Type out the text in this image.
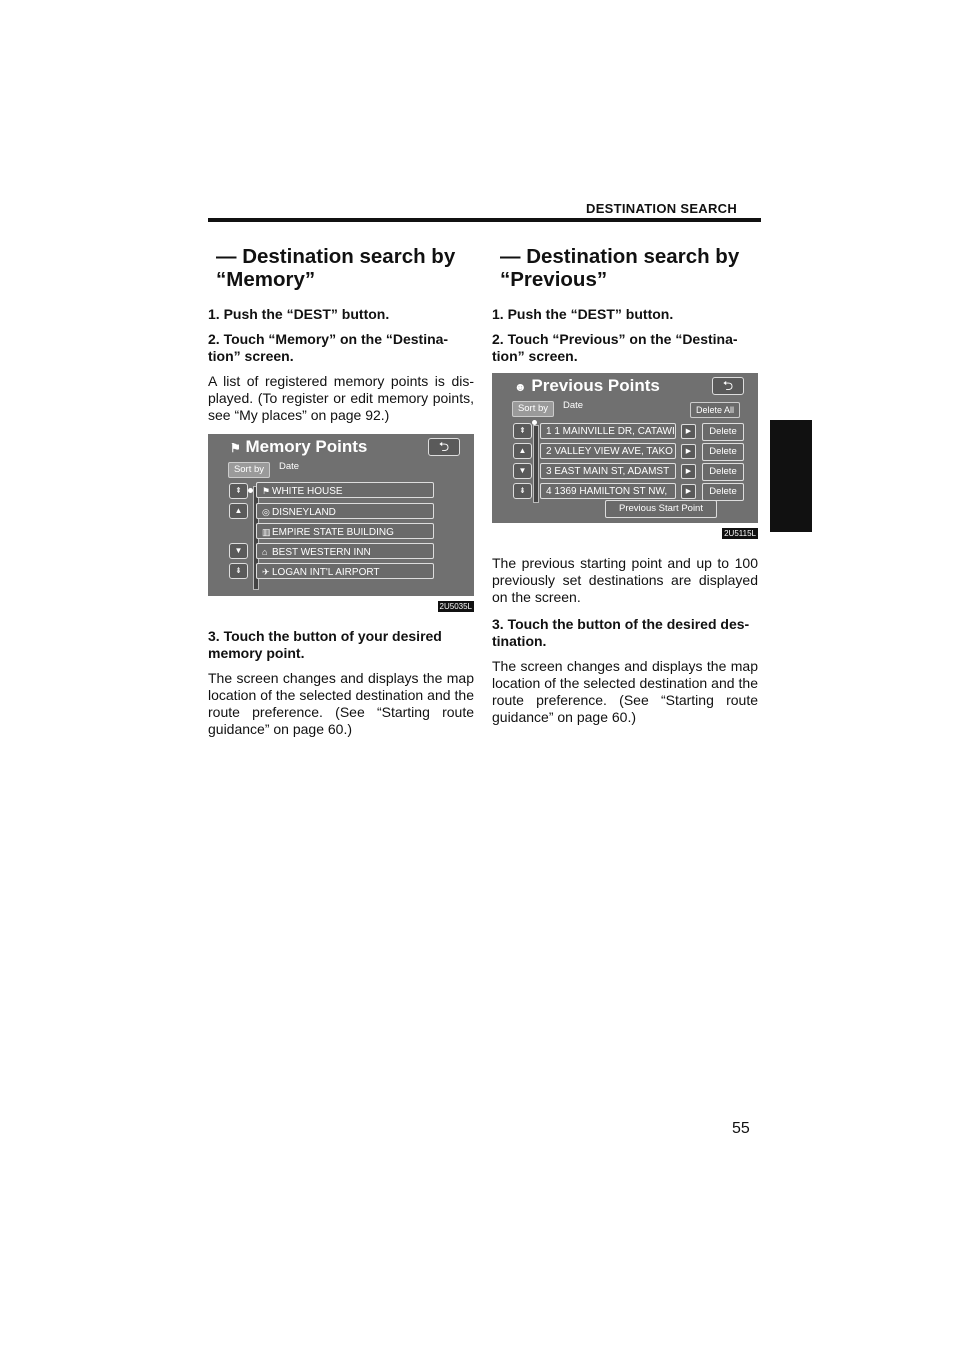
DESTINATION SEARCH
— Destination search by “Memory”
1. Push the “DEST” button.
2. Touch “Memory” on the “Destina-tion” screen.
A list of registered memory points is dis-played. (To register or edit memory points, see “My places” on page 92.)
⚑ Memory Points	⮌
Sort by	Date
⇞
▲
▼
⇟
⚑ WHITE HOUSE
◎ DISNEYLAND
▥EMPIRE STATE BUILDING
⌂ BEST WESTERN INN
✈ LOGAN INT'L AIRPORT
2U5035L
3. Touch the button of your desired memory point.
The screen changes and displays the map location of the selected destination and the route preference. (See “Starting route guidance” on page 60.)
— Destination search by “Previous”
1. Push the “DEST” button.
2. Touch “Previous” on the “Destina-tion” screen.
☻ Previous Points	⮌
Sort by	Date	Delete All
⇞
▲
▼
⇟
1 1 MAINVILLE DR, CATAWI	▶	Delete
2 VALLEY VIEW AVE, TAKO	▶	Delete
3 EAST MAIN ST, ADAMST	▶	Delete
4 1369 HAMILTON ST NW,	▶	Delete
Previous Start Point
2U5115L
The previous starting point and up to 100 previously set destinations are displayed on the screen.
3. Touch the button of the desired des-tination.
The screen changes and displays the map location of the selected destination and the route preference. (See “Starting route guidance” on page 60.)
55
